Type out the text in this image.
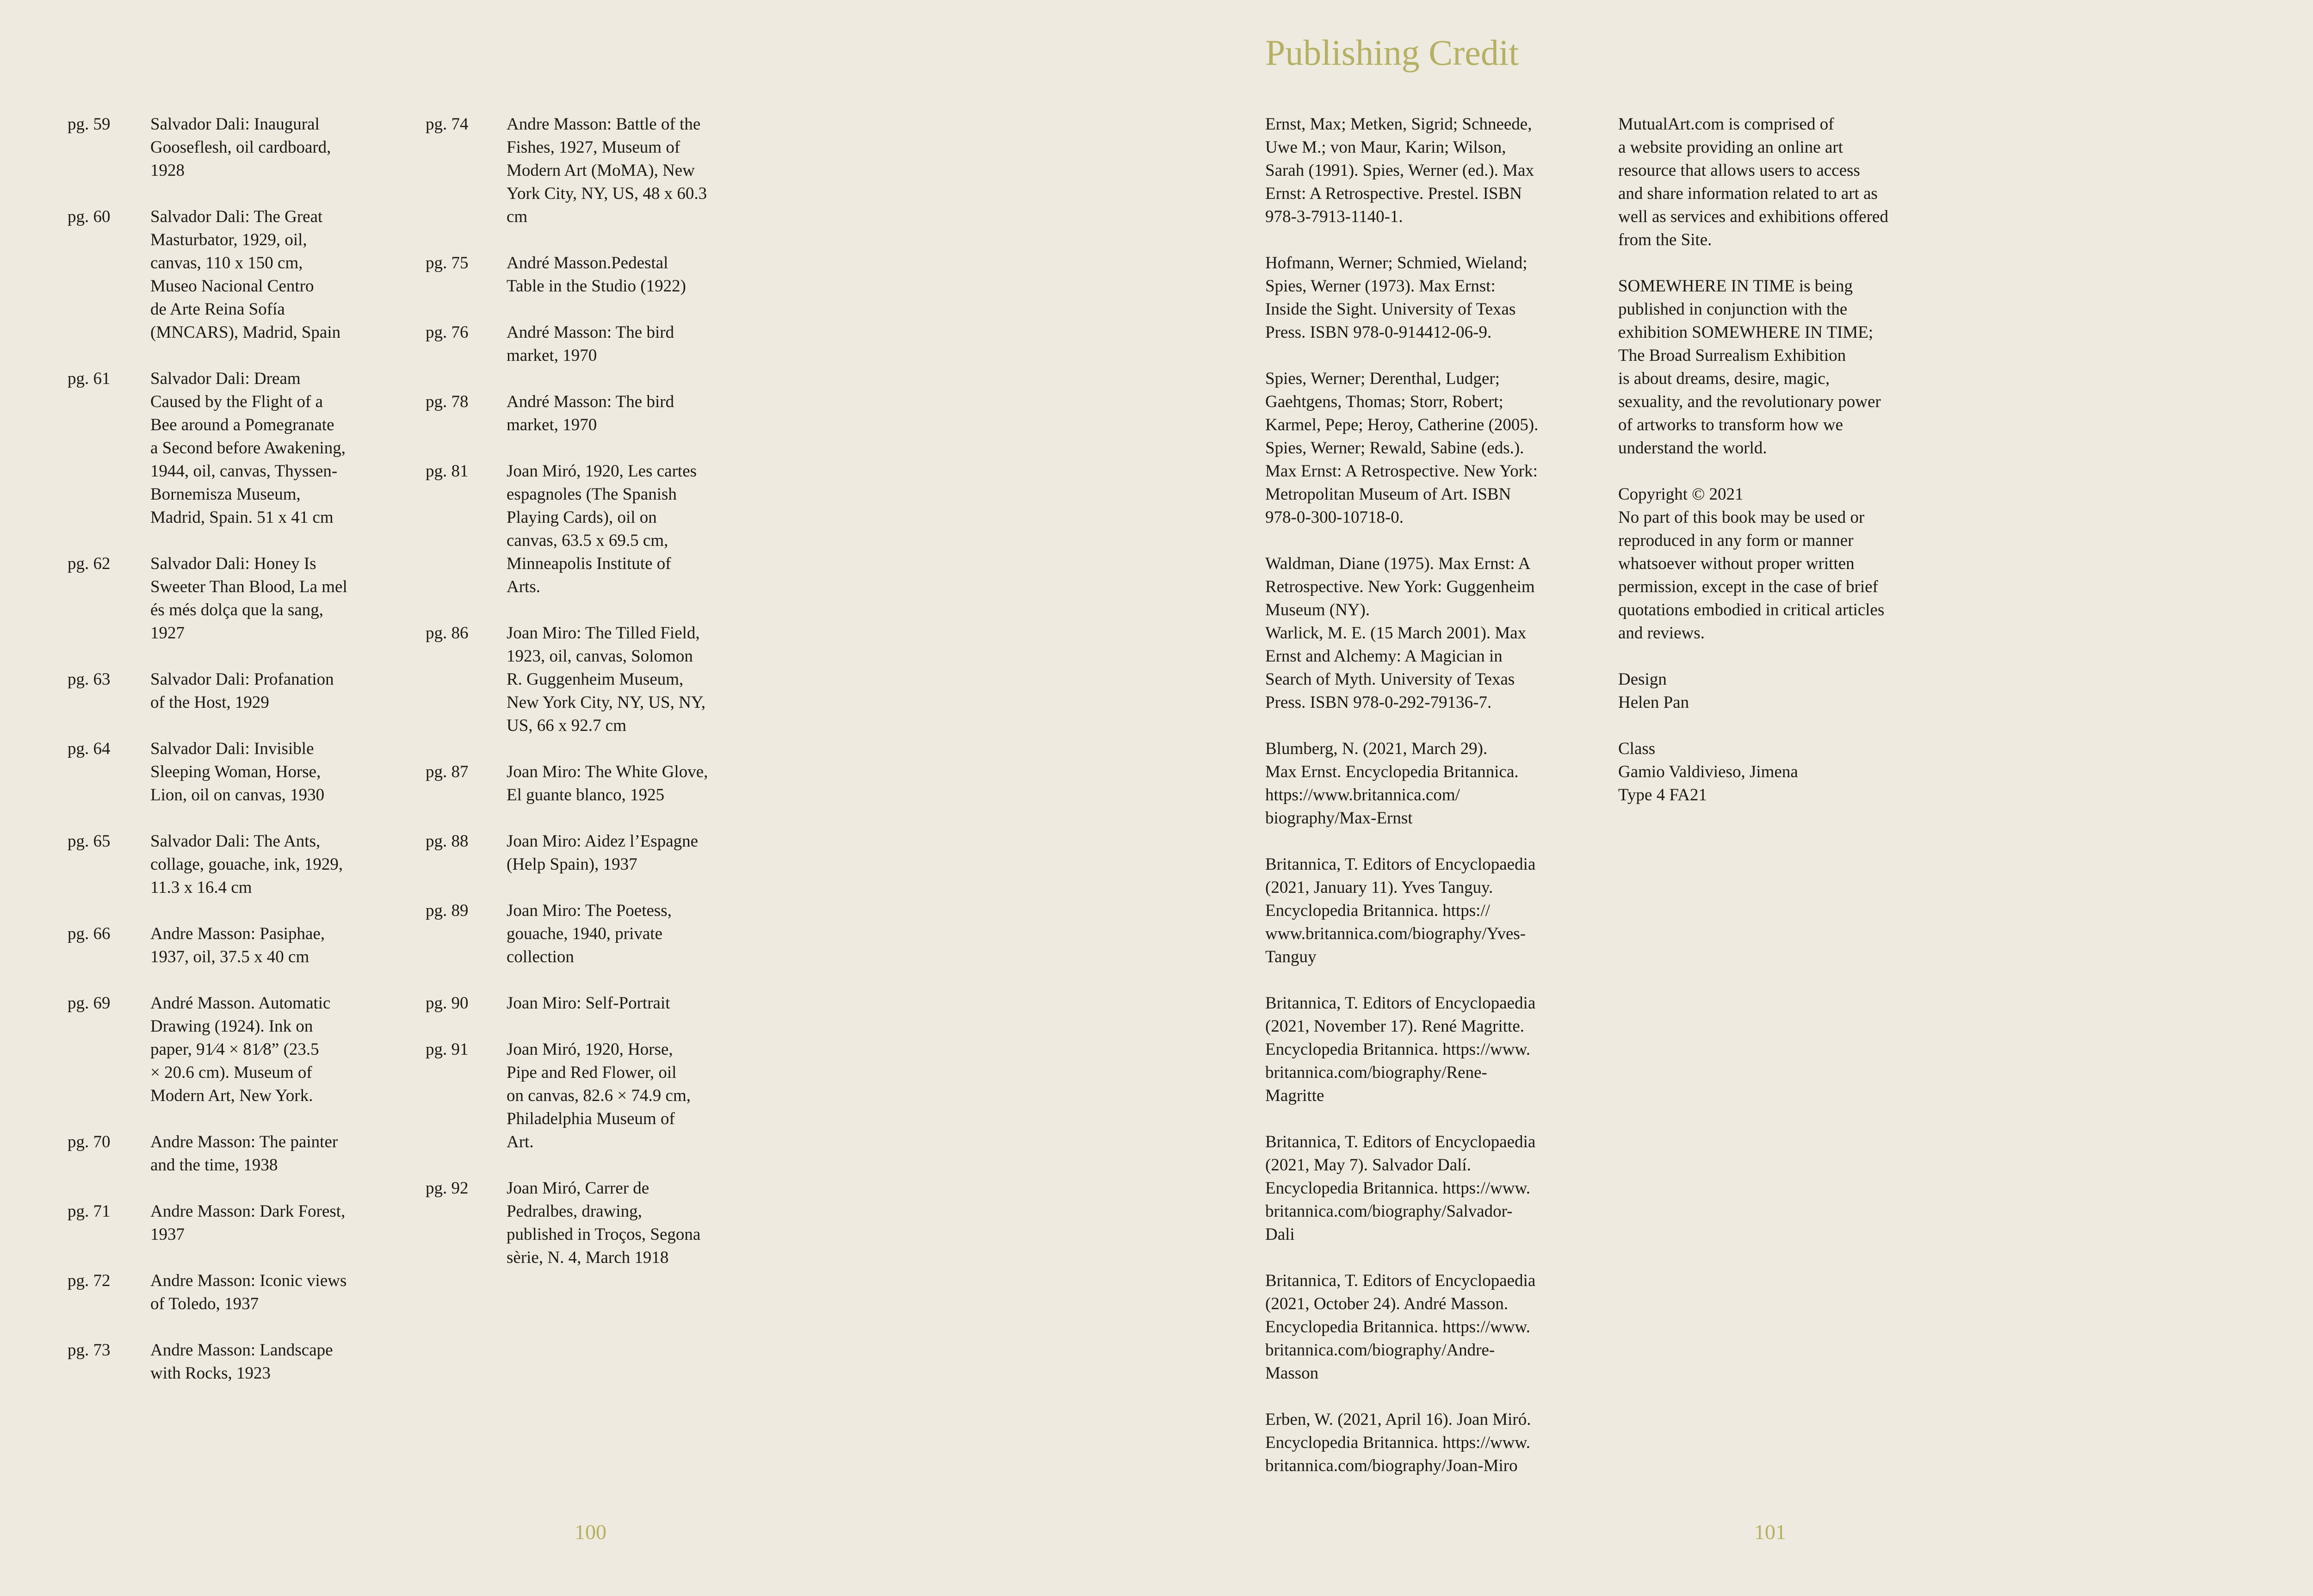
pg. 59	Salvador Dali: Inaugural
Gooseflesh, oil cardboard,
1928
pg. 60	Salvador Dali: The Great
Masturbator, 1929, oil,
canvas, 110 x 150 cm,
Museo Nacional Centro
de Arte Reina Sofía
(MNCARS), Madrid, Spain
pg. 61	Salvador Dali: Dream
Caused by the Flight of a
Bee around a Pomegranate
a Second before Awakening,
1944, oil, canvas, Thyssen-
Bornemisza Museum,
Madrid, Spain. 51 x 41 cm
pg. 62	Salvador Dali: Honey Is
Sweeter Than Blood, La mel
és més dolça que la sang,
1927
pg. 63	Salvador Dali: Profanation
of the Host, 1929
pg. 64	Salvador Dali: Invisible
Sleeping Woman, Horse,
Lion, oil on canvas, 1930
pg. 65	Salvador Dali: The Ants,
collage, gouache, ink, 1929,
11.3 x 16.4 cm
pg. 66	Andre Masson: Pasiphae,
1937, oil, 37.5 x 40 cm
pg. 69	André Masson. Automatic
Drawing (1924). Ink on
paper, 91⁄4 × 81⁄8” (23.5
× 20.6 cm). Museum of
Modern Art, New York.
pg. 70	Andre Masson: The painter
and the time, 1938
pg. 71	Andre Masson: Dark Forest,
1937
pg. 72	Andre Masson: Iconic views
of Toledo, 1937
pg. 73	Andre Masson: Landscape
with Rocks, 1923
pg. 74	Andre Masson: Battle of the
Fishes, 1927, Museum of
Modern Art (MoMA), New
York City, NY, US, 48 x 60.3
cm
pg. 75	André Masson.Pedestal
Table in the Studio (1922)
pg. 76	André Masson: The bird
market, 1970
pg. 78	André Masson: The bird
market, 1970
pg. 81	Joan Miró, 1920, Les cartes
espagnoles (The Spanish
Playing Cards), oil on
canvas, 63.5 x 69.5 cm,
Minneapolis Institute of
Arts.
pg. 86	Joan Miro: The Tilled Field,
1923, oil, canvas, Solomon
R. Guggenheim Museum,
New York City, NY, US, NY,
US, 66 x 92.7 cm
pg. 87	Joan Miro: The White Glove,
El guante blanco, 1925
pg. 88	Joan Miro: Aidez l’Espagne
(Help Spain), 1937
pg. 89	Joan Miro: The Poetess,
gouache, 1940, private
collection
pg. 90	Joan Miro: Self-Portrait
pg. 91	Joan Miró, 1920, Horse,
Pipe and Red Flower, oil
on canvas, 82.6 × 74.9 cm,
Philadelphia Museum of
Art.
pg. 92	Joan Miró, Carrer de
Pedralbes, drawing,
published in Troços, Segona
sèrie, N. 4, March 1918
100
Publishing Credit

Ernst, Max; Metken, Sigrid; Schneede,
Uwe M.; von Maur, Karin; Wilson,
Sarah (1991). Spies, Werner (ed.). Max
Ernst: A Retrospective. Prestel. ISBN
978-3-7913-1140-1.

Hofmann, Werner; Schmied, Wieland;
Spies, Werner (1973). Max Ernst:
Inside the Sight. University of Texas
Press. ISBN 978-0-914412-06-9.

Spies, Werner; Derenthal, Ludger;
Gaehtgens, Thomas; Storr, Robert;
Karmel, Pepe; Heroy, Catherine (2005).
Spies, Werner; Rewald, Sabine (eds.).
Max Ernst: A Retrospective. New York:
Metropolitan Museum of Art. ISBN
978-0-300-10718-0.

Waldman, Diane (1975). Max Ernst: A
Retrospective. New York: Guggenheim
Museum (NY).

Warlick, M. E. (15 March 2001). Max
Ernst and Alchemy: A Magician in
Search of Myth. University of Texas
Press. ISBN 978-0-292-79136-7.

Blumberg, N. (2021, March 29).
Max Ernst. Encyclopedia Britannica.
https://www.britannica.com/
biography/Max-Ernst

Britannica, T. Editors of Encyclopaedia
(2021, January 11). Yves Tanguy.
Encyclopedia Britannica. https://
www.britannica.com/biography/Yves-
Tanguy

Britannica, T. Editors of Encyclopaedia
(2021, November 17). René Magritte.
Encyclopedia Britannica. https://www.
britannica.com/biography/Rene-
Magritte

Britannica, T. Editors of Encyclopaedia
(2021, May 7). Salvador Dalí.
Encyclopedia Britannica. https://www.
britannica.com/biography/Salvador-
Dali

Britannica, T. Editors of Encyclopaedia
(2021, October 24). André Masson.
Encyclopedia Britannica. https://www.
britannica.com/biography/Andre-
Masson

Erben, W. (2021, April 16). Joan Miró.
Encyclopedia Britannica. https://www.
britannica.com/biography/Joan-Miro

MutualArt.com is comprised of
a website providing an online art
resource that allows users to access
and share information related to art as
well as services and exhibitions offered
from the Site.

SOMEWHERE IN TIME is being
published in conjunction with the
exhibition SOMEWHERE IN TIME;
The Broad Surrealism Exhibition
is about dreams, desire, magic,
sexuality, and the revolutionary power
of artworks to transform how we
understand the world.

Copyright © 2021
No part of this book may be used or
reproduced in any form or manner
whatsoever without proper written
permission, except in the case of brief
quotations embodied in critical articles
and reviews.

Design
Helen Pan

Class
Gamio Valdivieso, Jimena
Type 4 FA21

101
